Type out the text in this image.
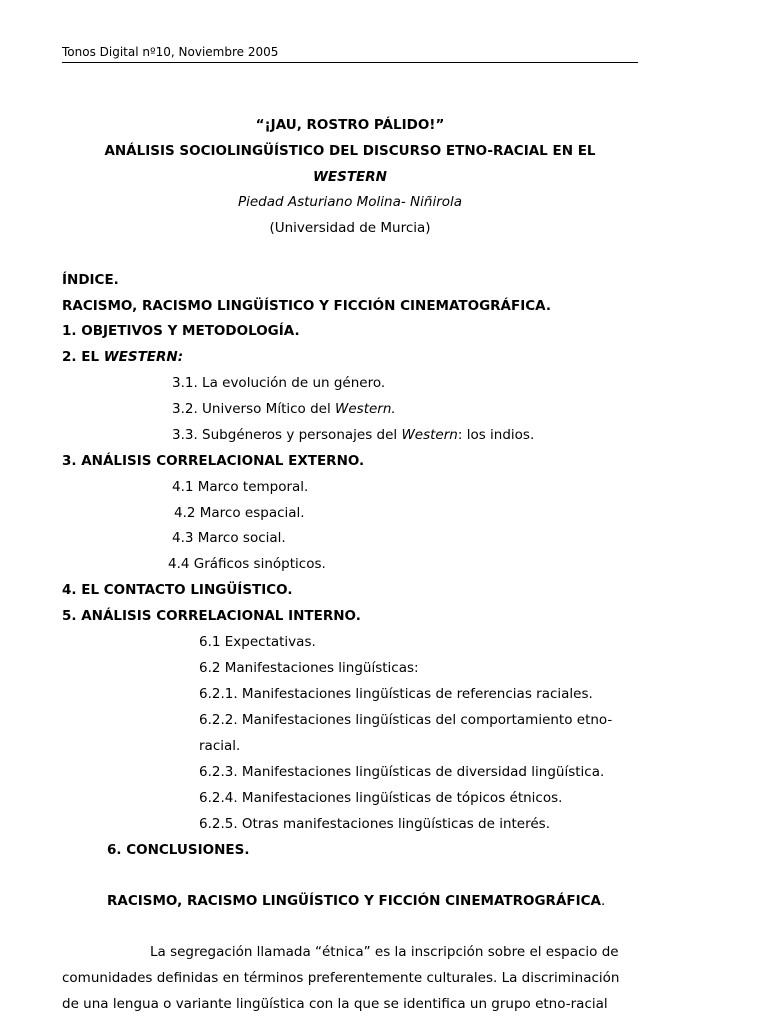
Tonos Digital nº10, Noviembre 2005
“¡JAU, ROSTRO PÁLIDO!”
ANÁLISIS SOCIOLINGÜÍSTICO DEL DISCURSO ETNO-RACIAL EN EL
WESTERN
Piedad Asturiano Molina- Niñirola
(Universidad de Murcia)
ÍNDICE.
RACISMO, RACISMO LINGÜÍSTICO Y FICCIÓN CINEMATOGRÁFICA.
1. OBJETIVOS Y METODOLOGÍA.
2. EL WESTERN:
3.1. La evolución de un género.
3.2. Universo Mítico del Western.
3.3. Subgéneros y personajes del Western: los indios.
3. ANÁLISIS CORRELACIONAL EXTERNO.
4.1 Marco temporal.
4.2 Marco espacial.
4.3 Marco social.
4.4 Gráficos sinópticos.
4. EL CONTACTO LINGÜÍSTICO.
5. ANÁLISIS CORRELACIONAL INTERNO.
6.1 Expectativas.
6.2 Manifestaciones lingüísticas:
6.2.1. Manifestaciones lingüísticas de referencias raciales.
6.2.2. Manifestaciones lingüísticas del comportamiento etno-
racial.
6.2.3. Manifestaciones lingüísticas de diversidad lingüística.
6.2.4. Manifestaciones lingüísticas de tópicos étnicos.
6.2.5. Otras manifestaciones lingüísticas de interés.
6. CONCLUSIONES.
RACISMO, RACISMO LINGÜÍSTICO Y FICCIÓN CINEMATROGRÁFICA.
La segregación llamada “étnica” es la inscripción sobre el espacio de
comunidades definidas en términos preferentemente culturales. La discriminación
de una lengua o variante lingüística con la que se identifica un grupo etno-racial
